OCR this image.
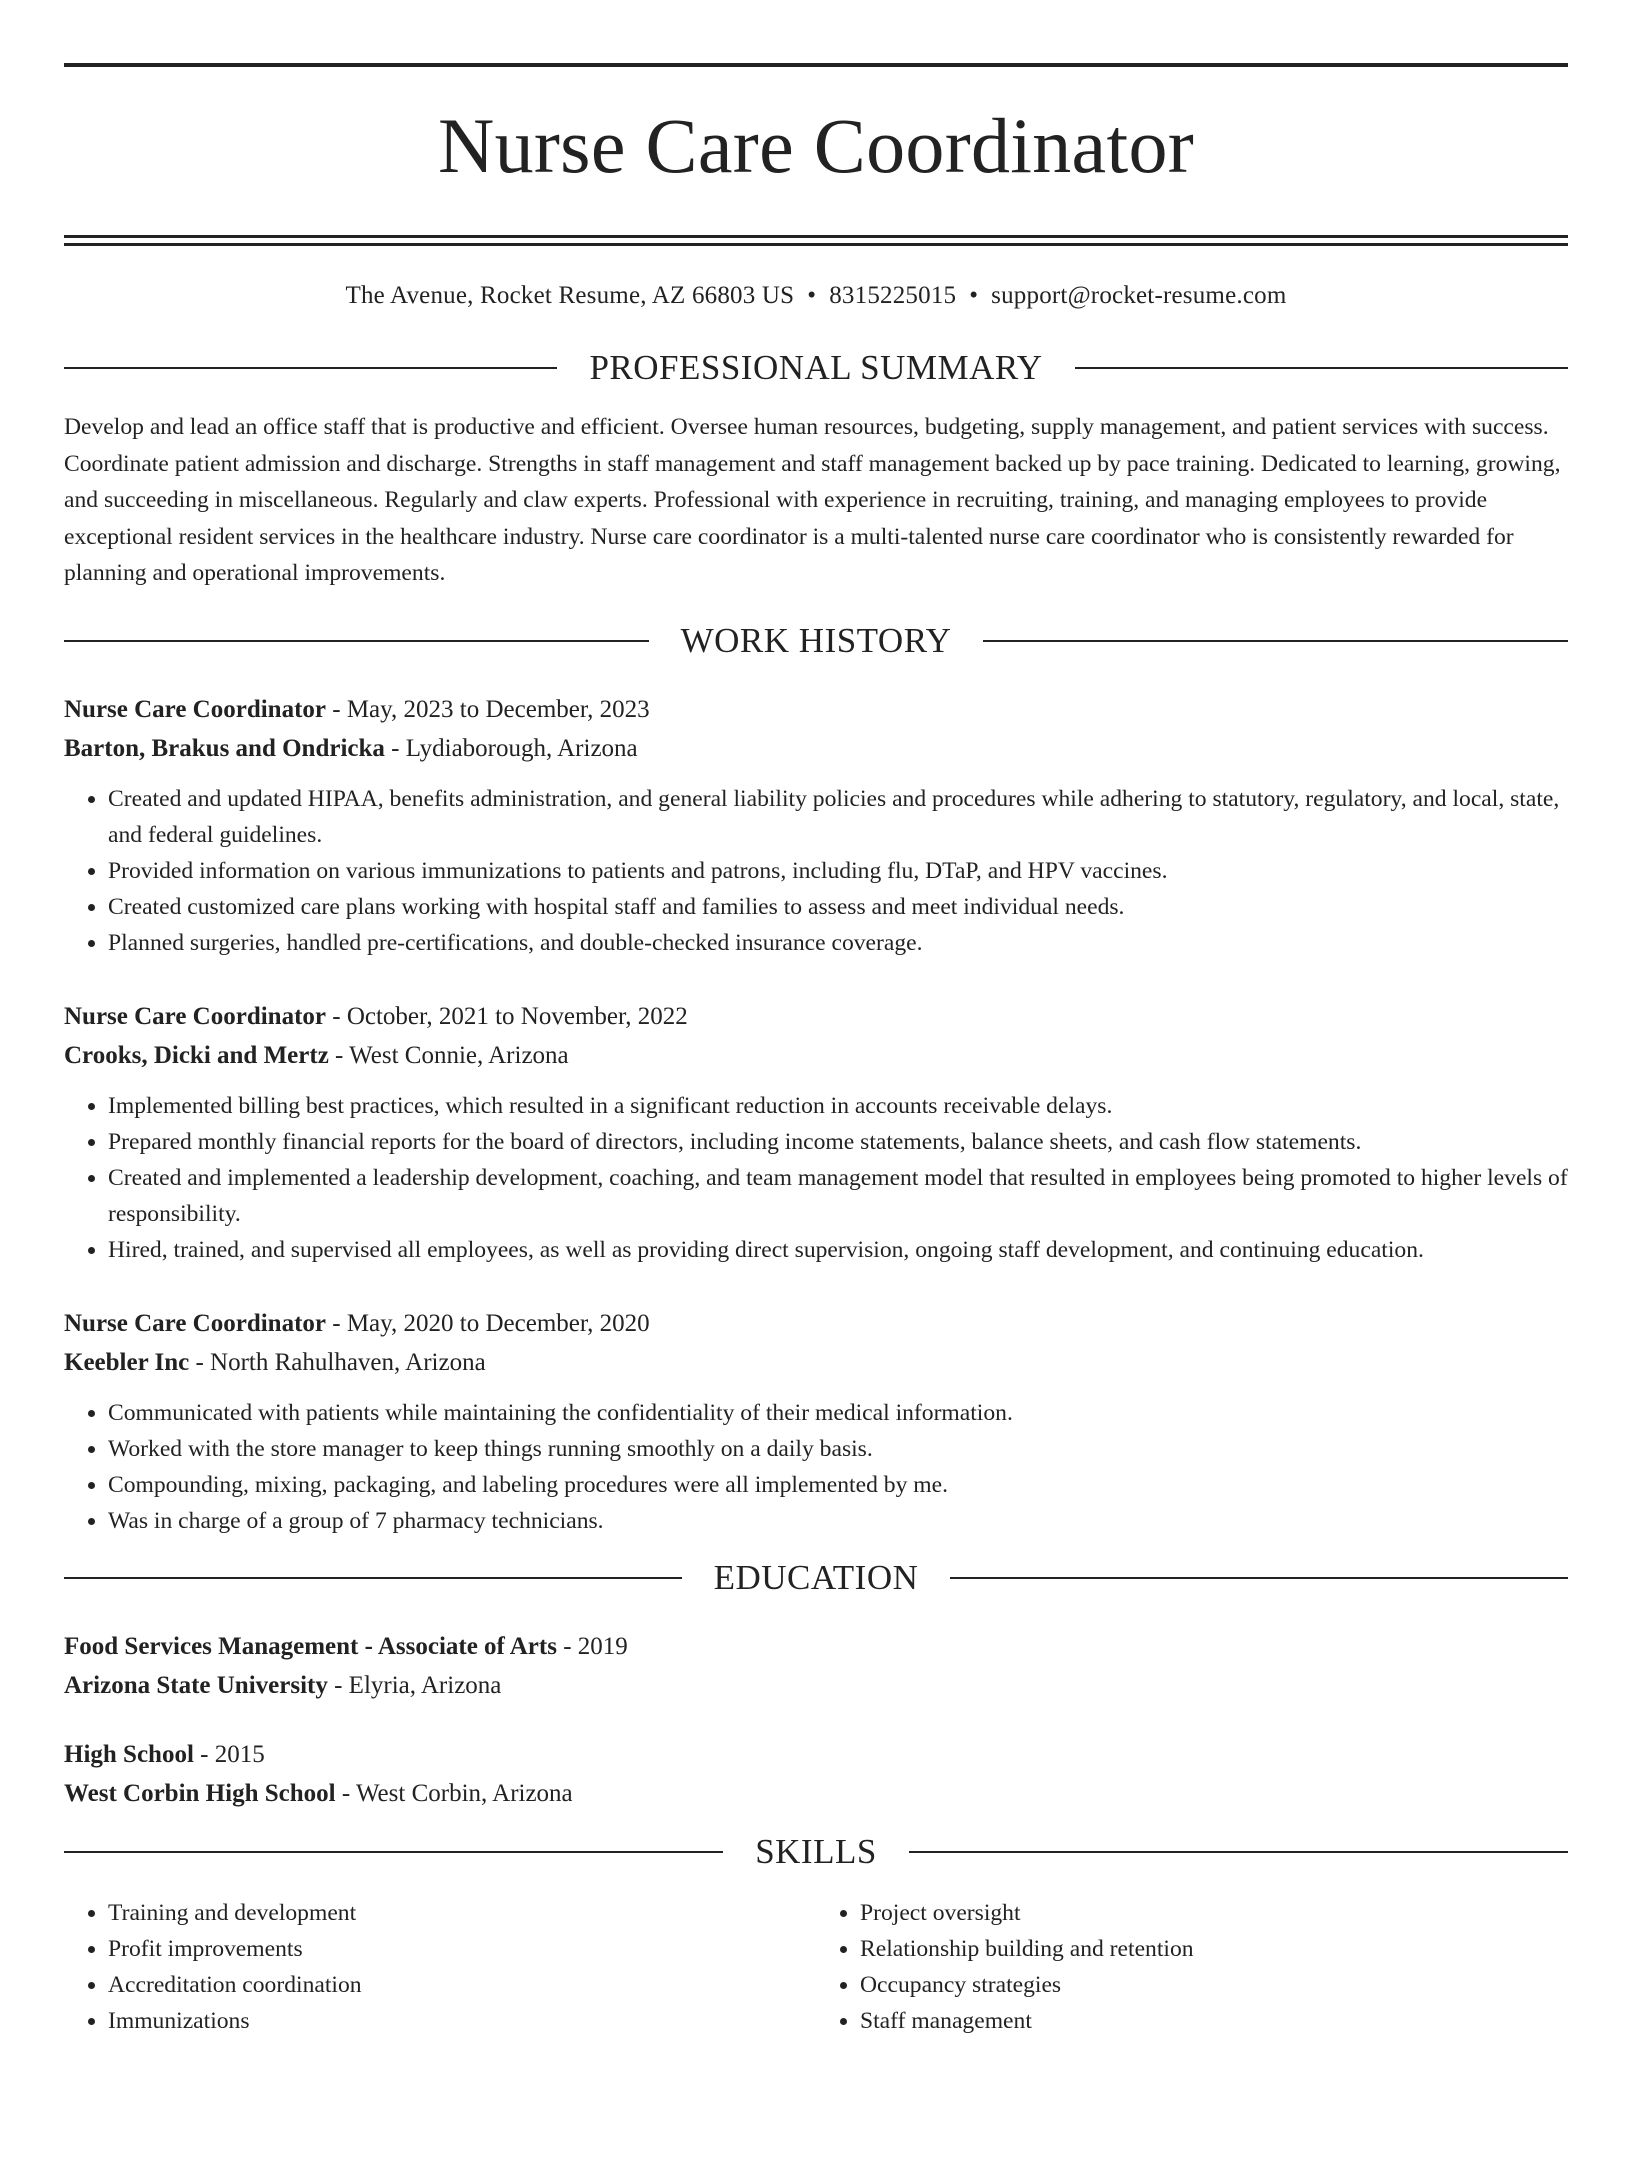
Nurse Care Coordinator
The Avenue, Rocket Resume, AZ 66803 US • 8315225015 • support@rocket-resume.com
PROFESSIONAL SUMMARY
Develop and lead an office staff that is productive and efficient. Oversee human resources, budgeting, supply management, and patient services with success. Coordinate patient admission and discharge. Strengths in staff management and staff management backed up by pace training. Dedicated to learning, growing, and succeeding in miscellaneous. Regularly and claw experts. Professional with experience in recruiting, training, and managing employees to provide exceptional resident services in the healthcare industry. Nurse care coordinator is a multi-talented nurse care coordinator who is consistently rewarded for planning and operational improvements.
WORK HISTORY
Nurse Care Coordinator - May, 2023 to December, 2023
Barton, Brakus and Ondricka - Lydiaborough, Arizona
• Created and updated HIPAA, benefits administration, and general liability policies and procedures while adhering to statutory, regulatory, and local, state, and federal guidelines.
• Provided information on various immunizations to patients and patrons, including flu, DTaP, and HPV vaccines.
• Created customized care plans working with hospital staff and families to assess and meet individual needs.
• Planned surgeries, handled pre-certifications, and double-checked insurance coverage.
Nurse Care Coordinator - October, 2021 to November, 2022
Crooks, Dicki and Mertz - West Connie, Arizona
• Implemented billing best practices, which resulted in a significant reduction in accounts receivable delays.
• Prepared monthly financial reports for the board of directors, including income statements, balance sheets, and cash flow statements.
• Created and implemented a leadership development, coaching, and team management model that resulted in employees being promoted to higher levels of responsibility.
• Hired, trained, and supervised all employees, as well as providing direct supervision, ongoing staff development, and continuing education.
Nurse Care Coordinator - May, 2020 to December, 2020
Keebler Inc - North Rahulhaven, Arizona
• Communicated with patients while maintaining the confidentiality of their medical information.
• Worked with the store manager to keep things running smoothly on a daily basis.
• Compounding, mixing, packaging, and labeling procedures were all implemented by me.
• Was in charge of a group of 7 pharmacy technicians.
EDUCATION
Food Services Management - Associate of Arts - 2019
Arizona State University - Elyria, Arizona
High School - 2015
West Corbin High School - West Corbin, Arizona
SKILLS
• Training and development
• Profit improvements
• Accreditation coordination
• Immunizations
• Project oversight
• Relationship building and retention
• Occupancy strategies
• Staff management
